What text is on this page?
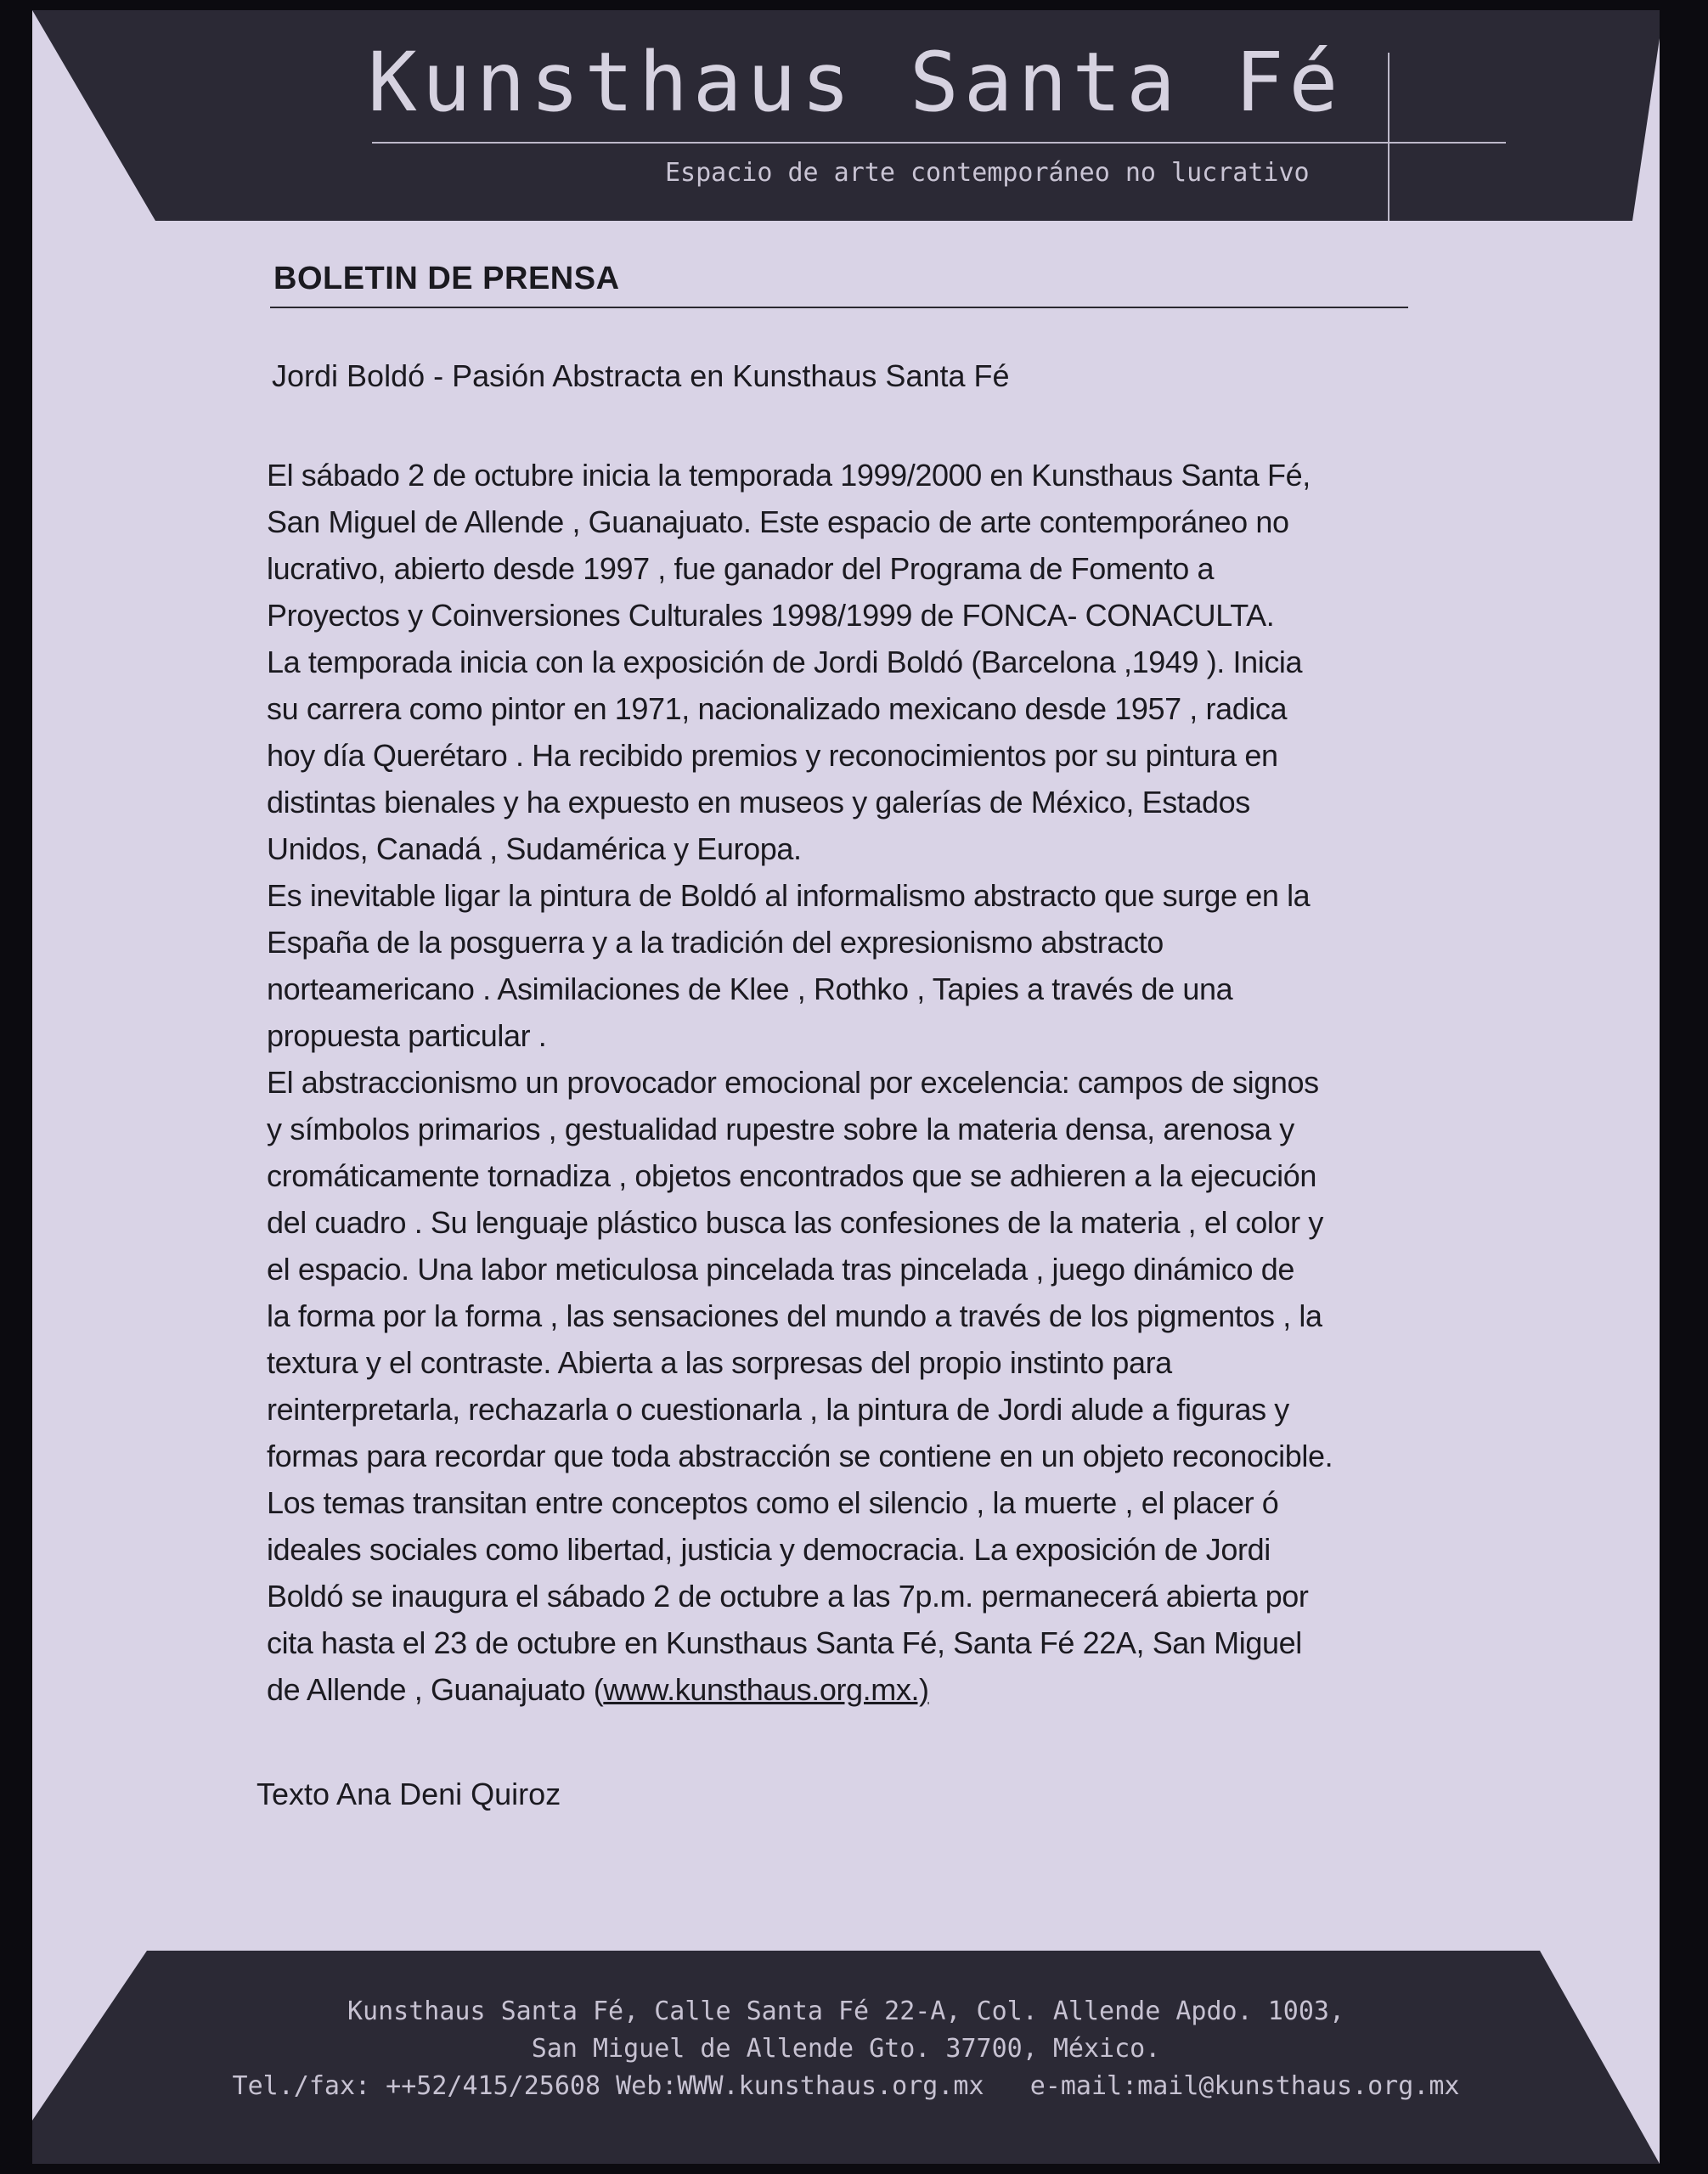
Kunsthaus Santa Fé
Espacio de arte contemporáneo no lucrativo
BOLETIN DE PRENSA
Jordi Boldó - Pasión Abstracta en Kunsthaus Santa Fé
El sábado 2 de octubre inicia la temporada 1999/2000 en Kunsthaus Santa Fé,
San Miguel de Allende , Guanajuato. Este espacio de arte contemporáneo no
lucrativo, abierto desde 1997 , fue ganador del Programa de Fomento a
Proyectos y Coinversiones Culturales 1998/1999 de FONCA- CONACULTA.
La temporada inicia con la exposición de Jordi Boldó (Barcelona ,1949 ). Inicia
su carrera como pintor en 1971, nacionalizado mexicano desde 1957 , radica
hoy día Querétaro . Ha recibido premios y reconocimientos por su pintura en
distintas bienales y ha expuesto en museos y galerías de México, Estados
Unidos, Canadá , Sudamérica y Europa.
Es inevitable ligar la pintura de Boldó al informalismo abstracto que surge en la
España de la posguerra y a la tradición del expresionismo abstracto
norteamericano . Asimilaciones de Klee , Rothko , Tapies a través de una
propuesta particular .
El abstraccionismo un provocador emocional por excelencia: campos de signos
y símbolos primarios , gestualidad rupestre sobre la materia densa, arenosa y
cromáticamente tornadiza , objetos encontrados que se adhieren a la ejecución
del cuadro . Su lenguaje plástico busca las confesiones de la materia , el color y
el espacio. Una labor meticulosa pincelada tras pincelada , juego dinámico de
la forma por la forma , las sensaciones del mundo a través de los pigmentos , la
textura y el contraste. Abierta a las sorpresas del propio instinto para
reinterpretarla, rechazarla o cuestionarla , la pintura de Jordi alude a figuras y
formas para recordar que toda abstracción se contiene en un objeto reconocible.
Los temas transitan entre conceptos como el silencio , la muerte , el placer ó
ideales sociales como libertad, justicia y democracia. La exposición de Jordi
Boldó se inaugura el sábado 2 de octubre a las 7p.m. permanecerá abierta por
cita hasta el 23 de octubre en Kunsthaus Santa Fé, Santa Fé 22A, San Miguel
de Allende , Guanajuato (www.kunsthaus.org.mx.)
Texto Ana Deni Quiroz
Kunsthaus Santa Fé, Calle Santa Fé 22-A, Col. Allende Apdo. 1003,
San Miguel de Allende Gto. 37700, México.
Tel./fax: ++52/415/25608 Web:WWW.kunsthaus.org.mx   e-mail:mail@kunsthaus.org.mx
